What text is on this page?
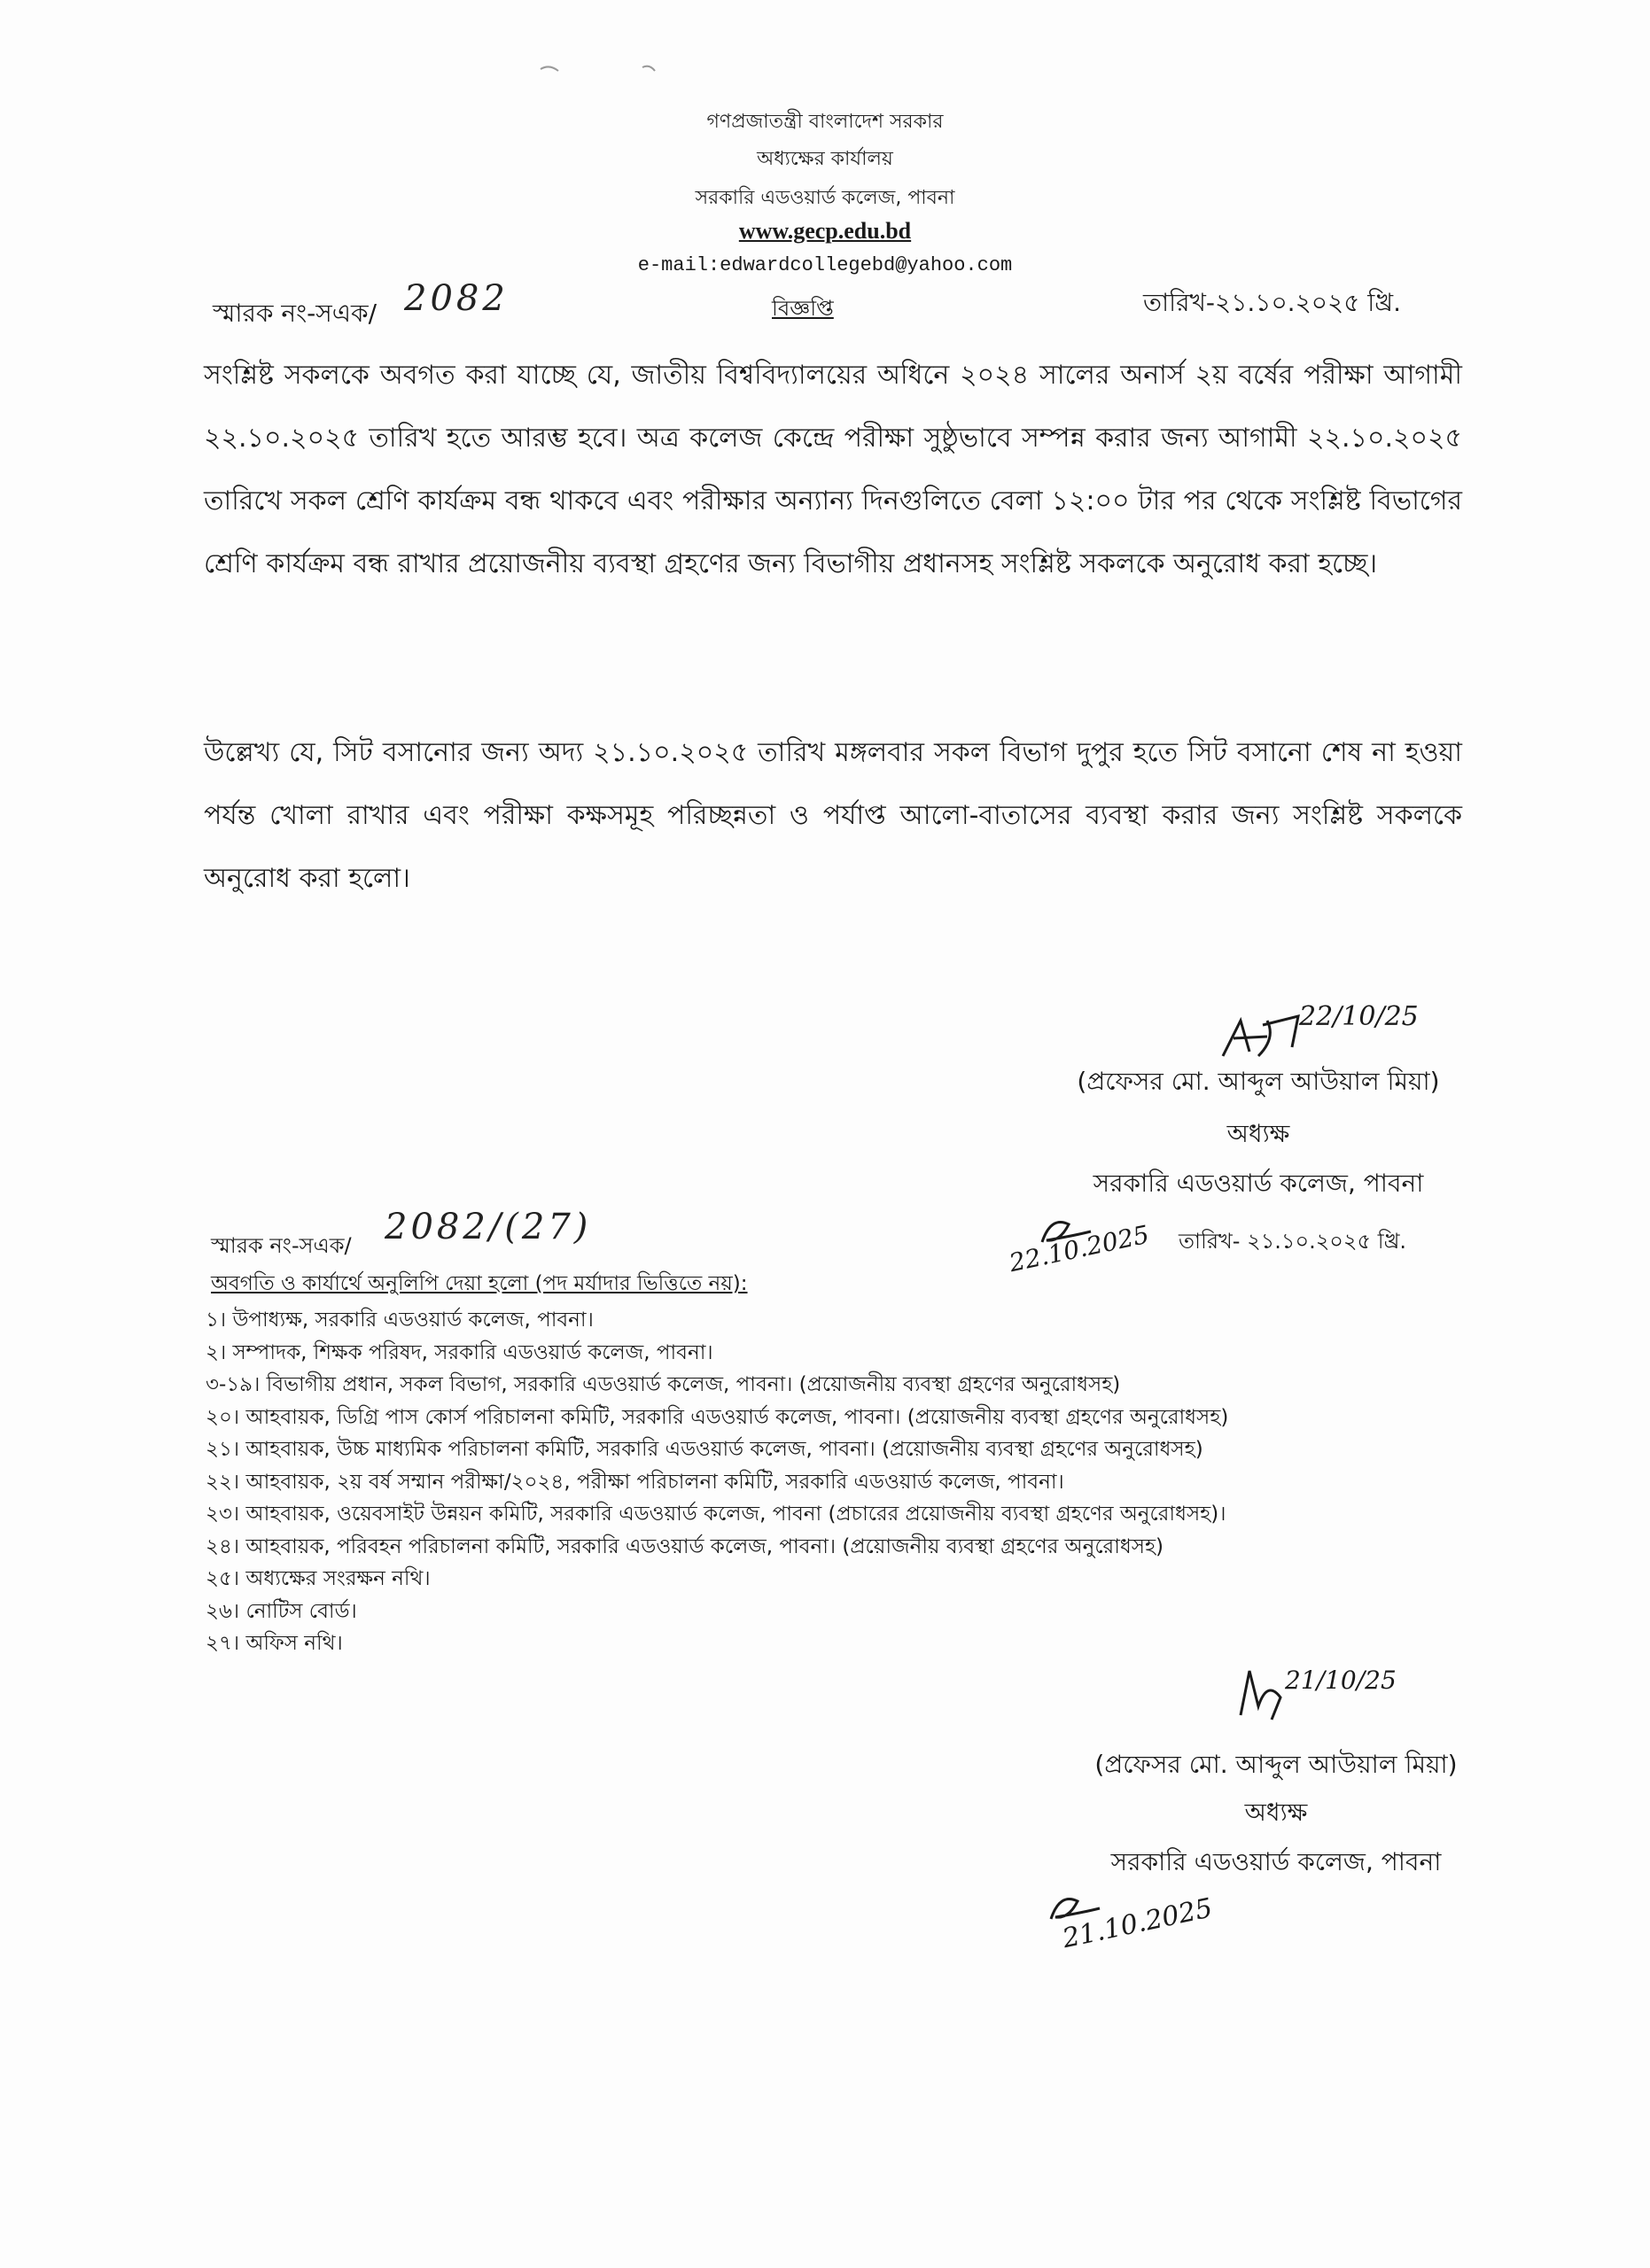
গণপ্রজাতন্ত্রী বাংলাদেশ সরকার
অধ্যক্ষের কার্যালয়
সরকারি এডওয়ার্ড কলেজ, পাবনা
www.gecp.edu.bd
e-mail:edwardcollegebd@yahoo.com
স্মারক নং-সএক/ 2082	বিজ্ঞপ্তি	তারিখ-২১.১০.২০২৫ খ্রি.
সংশ্লিষ্ট সকলকে অবগত করা যাচ্ছে যে, জাতীয় বিশ্ববিদ্যালয়ের অধিনে ২০২৪ সালের অনার্স ২য় বর্ষের পরীক্ষা আগামী ২২.১০.২০২৫ তারিখ হতে আরম্ভ হবে। অত্র কলেজ কেন্দ্রে পরীক্ষা সুষ্ঠুভাবে সম্পন্ন করার জন্য আগামী ২২.১০.২০২৫ তারিখে সকল শ্রেণি কার্যক্রম বন্ধ থাকবে এবং পরীক্ষার অন্যান্য দিনগুলিতে বেলা ১২:০০ টার পর থেকে সংশ্লিষ্ট বিভাগের শ্রেণি কার্যক্রম বন্ধ রাখার প্রয়োজনীয় ব্যবস্থা গ্রহণের জন্য বিভাগীয় প্রধানসহ সংশ্লিষ্ট সকলকে অনুরোধ করা হচ্ছে।
উল্লেখ্য যে, সিট বসানোর জন্য অদ্য ২১.১০.২০২৫ তারিখ মঙ্গলবার সকল বিভাগ দুপুর হতে সিট বসানো শেষ না হওয়া পর্যন্ত খোলা রাখার এবং পরীক্ষা কক্ষসমূহ পরিচ্ছন্নতা ও পর্যাপ্ত আলো-বাতাসের ব্যবস্থা করার জন্য সংশ্লিষ্ট সকলকে অনুরোধ করা হলো।
22/10/25
(প্রফেসর মো. আব্দুল আউয়াল মিয়া)
অধ্যক্ষ
সরকারি এডওয়ার্ড কলেজ, পাবনা
স্মারক নং-সএক/ 2082/(27)	22.10.2025 তারিখ- ২১.১০.২০২৫ খ্রি.
অবগতি ও কার্যার্থে অনুলিপি দেয়া হলো (পদ মর্যাদার ভিত্তিতে নয়):
১। উপাধ্যক্ষ, সরকারি এডওয়ার্ড কলেজ, পাবনা।
২। সম্পাদক, শিক্ষক পরিষদ, সরকারি এডওয়ার্ড কলেজ, পাবনা।
৩-১৯। বিভাগীয় প্রধান, সকল বিভাগ, সরকারি এডওয়ার্ড কলেজ, পাবনা। (প্রয়োজনীয় ব্যবস্থা গ্রহণের অনুরোধসহ)
২০। আহবায়ক, ডিগ্রি পাস কোর্স পরিচালনা কমিটি, সরকারি এডওয়ার্ড কলেজ, পাবনা। (প্রয়োজনীয় ব্যবস্থা গ্রহণের অনুরোধসহ)
২১। আহবায়ক, উচ্চ মাধ্যমিক পরিচালনা কমিটি, সরকারি এডওয়ার্ড কলেজ, পাবনা। (প্রয়োজনীয় ব্যবস্থা গ্রহণের অনুরোধসহ)
২২। আহবায়ক, ২য় বর্ষ সম্মান পরীক্ষা/২০২৪, পরীক্ষা পরিচালনা কমিটি, সরকারি এডওয়ার্ড কলেজ, পাবনা।
২৩। আহবায়ক, ওয়েবসাইট উন্নয়ন কমিটি, সরকারি এডওয়ার্ড কলেজ, পাবনা (প্রচারের প্রয়োজনীয় ব্যবস্থা গ্রহণের অনুরোধসহ)।
২৪। আহবায়ক, পরিবহন পরিচালনা কমিটি, সরকারি এডওয়ার্ড কলেজ, পাবনা। (প্রয়োজনীয় ব্যবস্থা গ্রহণের অনুরোধসহ)
২৫। অধ্যক্ষের সংরক্ষন নথি।
২৬। নোটিস বোর্ড।
২৭। অফিস নথি।
21/10/25
(প্রফেসর মো. আব্দুল আউয়াল মিয়া)
অধ্যক্ষ
সরকারি এডওয়ার্ড কলেজ, পাবনা
21.10.2025
